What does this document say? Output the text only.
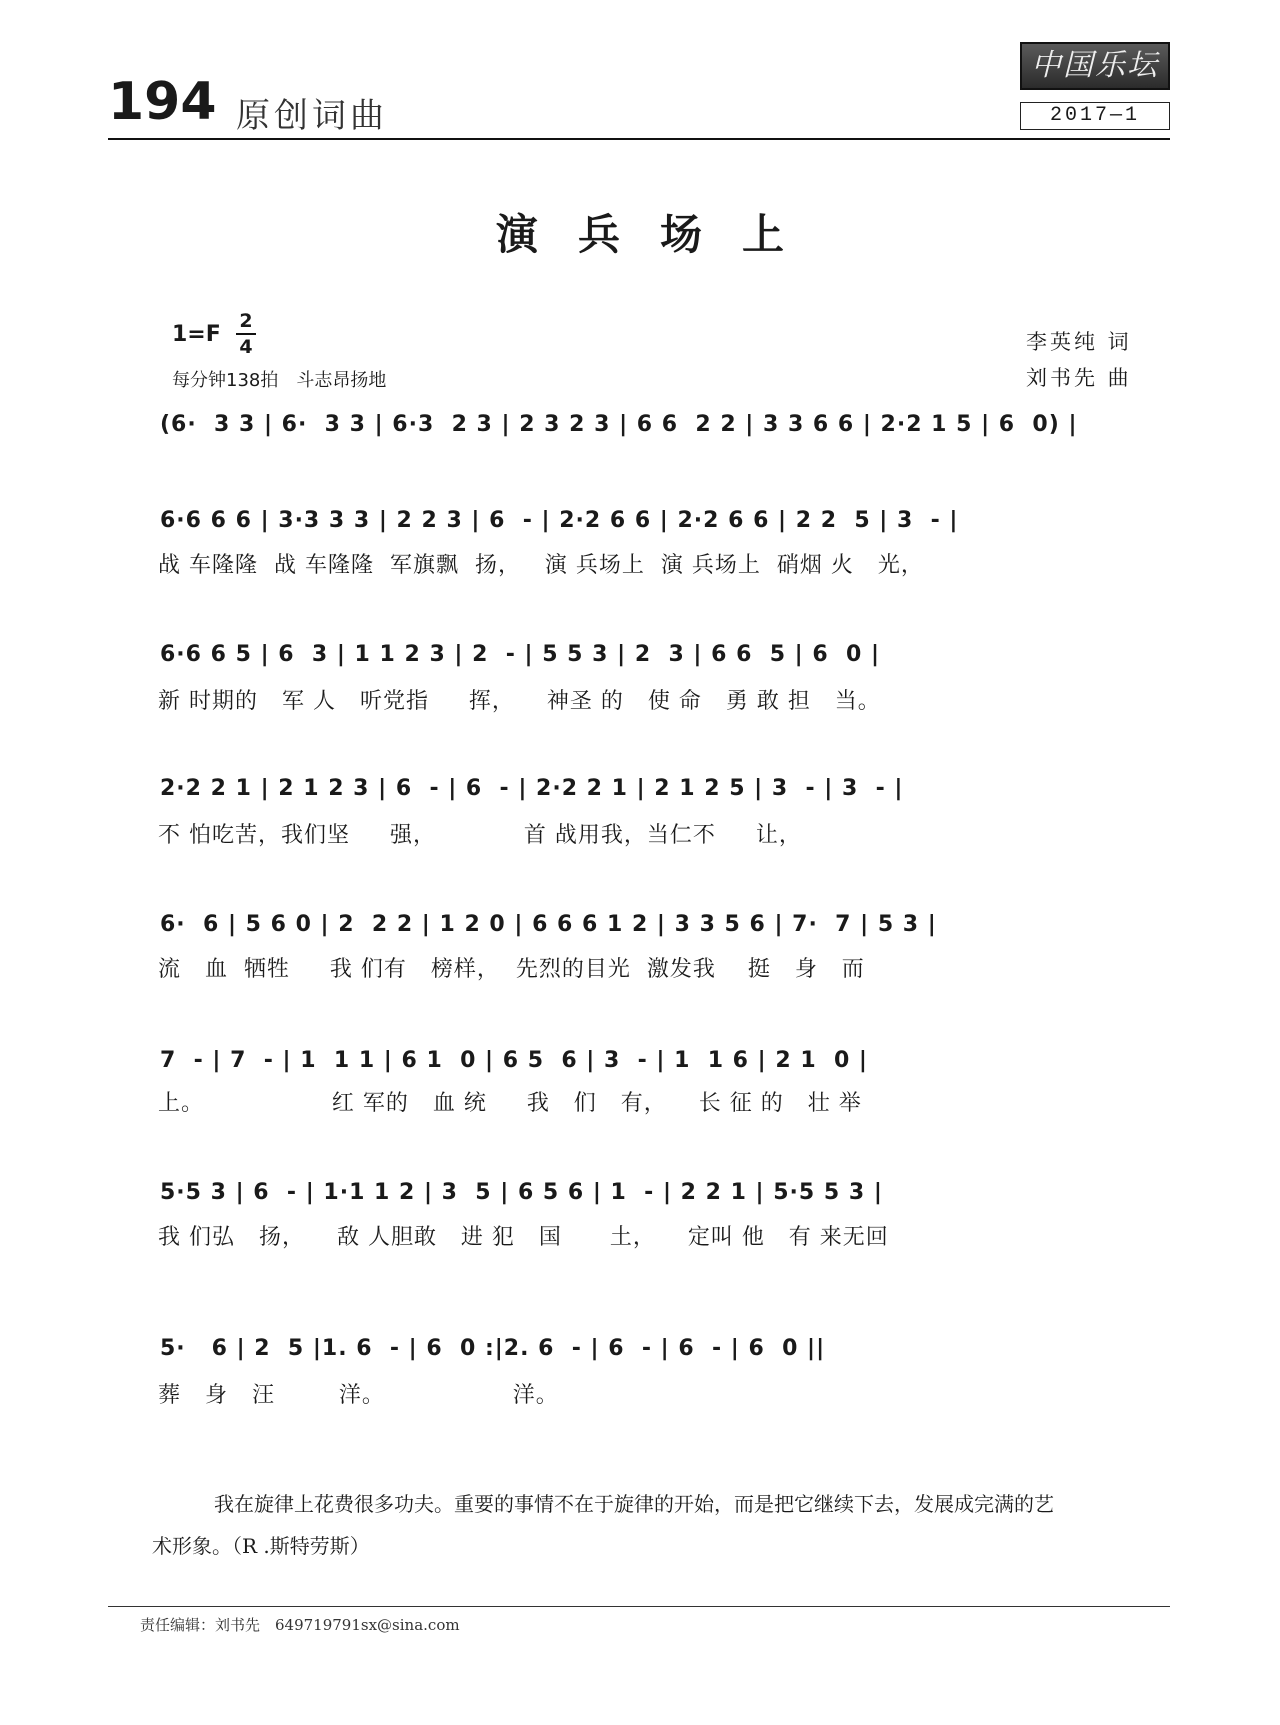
194 原创词曲
中国乐坛
2017—1
演兵场上
1=F
2
4
每分钟138拍　斗志昂扬地
李英纯 词
刘书先 曲
(6·  3 3 | 6·  3 3 | 6·3  2 3 | 2 3 2 3 | 6 6  2 2 | 3 3 6 6 | 2·2 1 5 | 6  0) |
6·6 6 6 | 3·3 3 3 | 2 2 3 | 6  - | 2·2 6 6 | 2·2 6 6 | 2 2  5 | 3  - |
战 车隆隆  战 车隆隆  军旗飘  扬，   演 兵场上  演 兵场上  硝烟 火   光，
6·6 6 5 | 6  3 | 1 1 2 3 | 2  - | 5 5 3 | 2  3 | 6 6  5 | 6  0 |
新 时期的   军 人   听党指     挥，    神圣 的   使 命   勇 敢 担   当。
2·2 2 1 | 2 1 2 3 | 6  - | 6  - | 2·2 2 1 | 2 1 2 5 | 3  - | 3  - |
不 怕吃苦，我们坚     强，           首 战用我，当仁不     让，
6·  6 | 5 6 0 | 2  2 2 | 1 2 0 | 6 6 6 1 2 | 3 3 5 6 | 7·  7 | 5 3 |
流   血  牺牲     我 们有   榜样，  先烈的目光  激发我    挺   身   而
7  - | 7  - | 1  1 1 | 6 1  0 | 6 5  6 | 3  - | 1  1 6 | 2 1  0 |
上。                红 军的   血 统     我   们   有，    长 征 的   壮 举
5·5 3 | 6  - | 1·1 1 2 | 3  5 | 6 5 6 | 1  - | 2 2 1 | 5·5 5 3 |
我 们弘   扬，    敌 人胆敢   进 犯   国      土，    定叫 他   有 来无回
5·   6 | 2  5 |1. 6  - | 6  0 :|2. 6  - | 6  - | 6  - | 6  0 ||
葬   身   汪        洋。                洋。
我在旋律上花费很多功夫。重要的事情不在于旋律的开始，而是把它继续下去，发展成完满的艺
术形象。（R .斯特劳斯）
责任编辑：刘书先　649719791sx@sina.com
